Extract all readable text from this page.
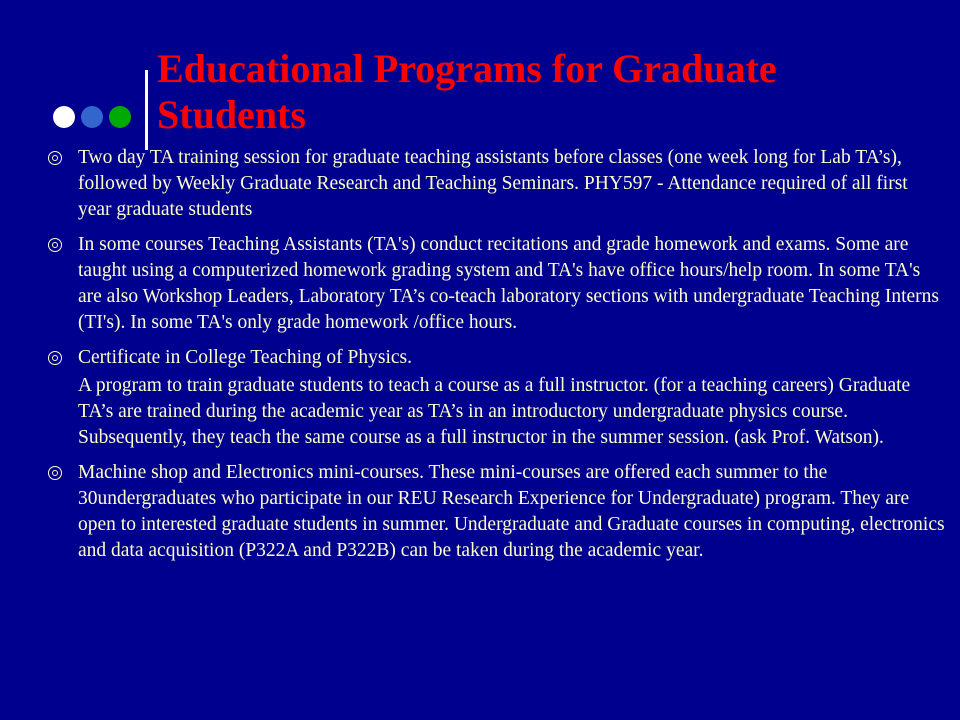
Educational Programs for Graduate Students
Two day TA training session for graduate teaching assistants before classes (one week long for Lab TA’s), followed by Weekly Graduate Research and Teaching Seminars. PHY597 - Attendance required of all first year graduate students
In some courses Teaching Assistants (TA's) conduct recitations and grade homework and exams. Some are taught using a computerized homework grading system and TA's have office hours/help room. In some TA's are also Workshop Leaders, Laboratory TA’s co-teach laboratory sections with undergraduate Teaching Interns (TI's). In some TA's only grade homework /office hours.
Certificate in College Teaching of Physics.
A program to train graduate students to teach a course as a full instructor. (for a teaching careers) Graduate TA’s are trained during the academic year as TA’s in an introductory undergraduate physics course. Subsequently, they teach the same course as a full instructor in the summer session. (ask Prof. Watson).
Machine shop and Electronics mini-courses. These mini-courses are offered each summer to the 30undergraduates who participate in our REU Research Experience for Undergraduate) program. They are open to interested graduate students in summer. Undergraduate and Graduate courses in computing, electronics and data acquisition (P322A and P322B) can be taken during the academic year.
